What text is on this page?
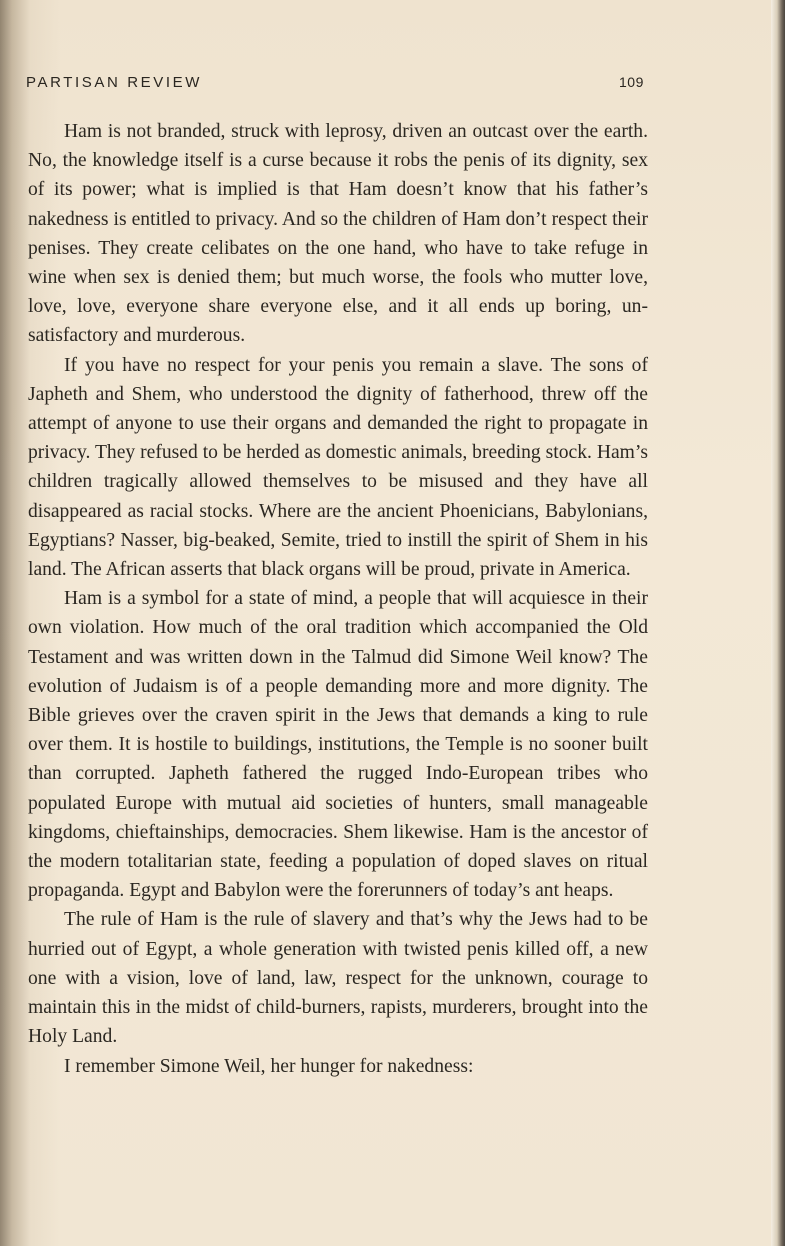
PARTISAN REVIEW	109

Ham is not branded, struck with leprosy, driven an outcast over the earth. No, the knowledge itself is a curse because it robs the penis of its dignity, sex of its power; what is implied is that Ham doesn’t know that his father’s nakedness is entitled to privacy. And so the children of Ham don’t respect their penises. They create celibates on the one hand, who have to take refuge in wine when sex is denied them; but much worse, the fools who mutter love, love, love, everyone share everyone else, and it all ends up boring, unsatisfactory and murderous.

If you have no respect for your penis you remain a slave. The sons of Japheth and Shem, who understood the dignity of fatherhood, threw off the attempt of anyone to use their organs and demanded the right to propagate in privacy. They refused to be herded as domestic animals, breeding stock. Ham’s children tragically allowed themselves to be misused and they have all disappeared as racial stocks. Where are the ancient Phoenicians, Babylonians, Egyptians? Nasser, big-beaked, Semite, tried to instill the spirit of Shem in his land. The African asserts that black organs will be proud, private in America.

Ham is a symbol for a state of mind, a people that will acquiesce in their own violation. How much of the oral tradition which accompanied the Old Testament and was written down in the Talmud did Simone Weil know? The evolution of Judaism is of a people demanding more and more dignity. The Bible grieves over the craven spirit in the Jews that demands a king to rule over them. It is hostile to buildings, institutions, the Temple is no sooner built than corrupted. Japheth fathered the rugged Indo-European tribes who populated Europe with mutual aid societies of hunters, small manageable kingdoms, chieftainships, democracies. Shem likewise. Ham is the ancestor of the modern totalitarian state, feeding a population of doped slaves on ritual propaganda. Egypt and Babylon were the forerunners of today’s ant heaps.

The rule of Ham is the rule of slavery and that’s why the Jews had to be hurried out of Egypt, a whole generation with twisted penis killed off, a new one with a vision, love of land, law, respect for the unknown, courage to maintain this in the midst of child-burners, rapists, murderers, brought into the Holy Land.

I remember Simone Weil, her hunger for nakedness:
